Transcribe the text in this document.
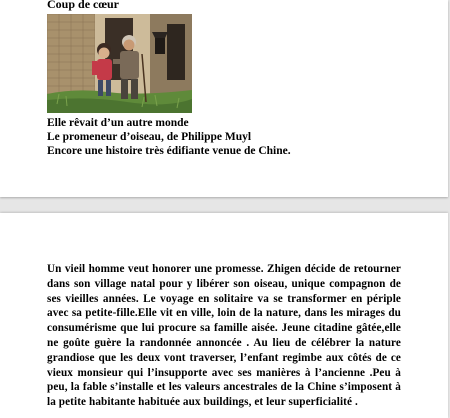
Coup de cœur
Elle rêvait d’un autre monde
Le promeneur d’oiseau, de Philippe Muyl
Encore une histoire très édifiante venue de Chine.
Un vieil homme veut honorer une promesse. Zhigen décide de retourner dans son village natal pour y libérer son oiseau, unique compagnon de ses vieilles années. Le voyage en solitaire va se transformer en périple avec sa petite-fille.Elle vit en ville, loin de la nature, dans les mirages du consumérisme que lui procure sa famille aisée. Jeune citadine gâtée,elle ne goûte guère la randonnée annoncée . Au lieu de célébrer la nature grandiose que les deux vont traverser, l’enfant regimbe aux côtés de ce vieux monsieur qui l’insupporte avec ses manières à l’ancienne .Peu à peu, la fable s’installe et les valeurs ancestrales de la Chine s’imposent à la petite habitante habituée aux buildings, et leur superficialité .
